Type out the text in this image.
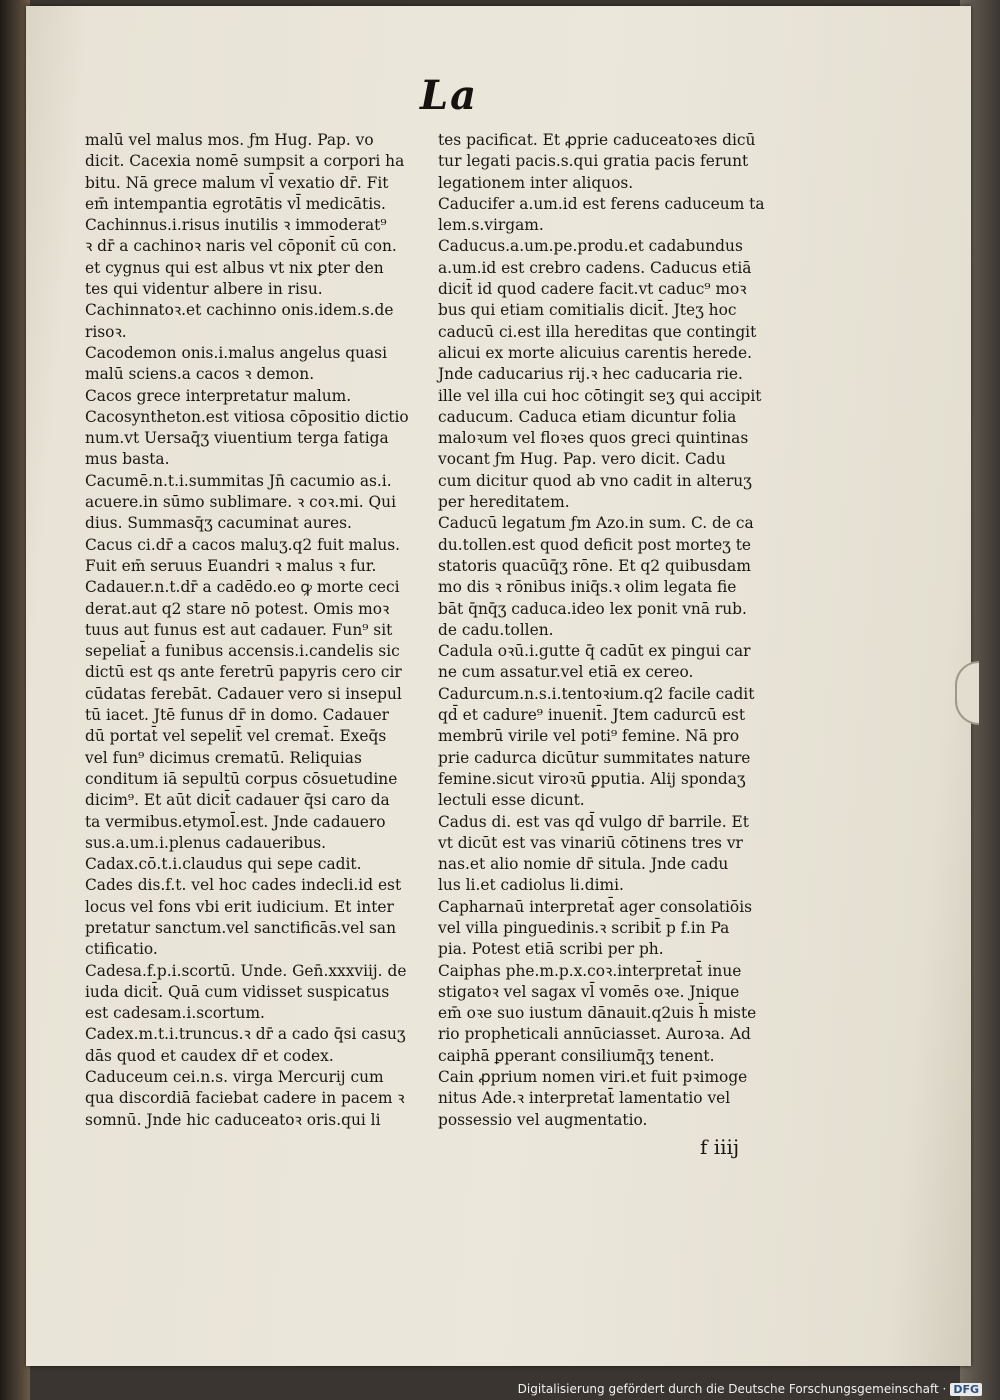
La

malū vel malus mos. ƒm Hug. Pap. vo

dicit. Cacexia nomē sumpsit a corpori ha

bitu. Nā grece malum vl̄ vexatio dr̄. Fit

em̄ intempantia egrotātis vl̄ medicātis.

Cachinnus.i.risus inutilis ꝛ immoderat⁹

ꝛ dr̄ a cachinoꝛ naris vel cōponit̄ cū con.

et cygnus qui est albus vt nix ꝑter den

tes qui videntur albere in risu.

Cachinnatoꝛ.et cachinno onis.idem.s.de

risoꝛ.

Cacodemon onis.i.malus angelus quasi

malū sciens.a cacos ꝛ demon.

Cacos grece interpretatur malum.

Cacosyntheton.est vitiosa cōpositio dictio

num.vt Uersaq̄ʒ viuentium terga fatiga

mus basta.

Cacumē.n.t.i.summitas Jn̄ cacumio as.i.

acuere.in sūmo sublimare. ꝛ coꝛ.mi. Qui

dius. Summasq̄ʒ cacuminat aures.

Cacus ci.dr̄ a cacos maluʒ.q2 fuit malus.

Fuit em̄ seruus Euandri ꝛ malus ꝛ fur.

Cadauer.n.t.dr̄ a cadēdo.eo ꝙ morte ceci

derat.aut q2 stare nō potest. Omis moꝛ

tuus aut funus est aut cadauer. Fun⁹ sit

sepeliat̄ a funibus accensis.i.candelis sic

dictū est qs ante feretrū papyris cero cir

cūdatas ferebāt. Cadauer vero si insepul

tū iacet. Jtē funus dr̄ in domo. Cadauer

dū portat̄ vel sepelit̄ vel cremat̄. Exeq̄s

vel fun⁹ dicimus crematū. Reliquias

conditum iā sepultū corpus cōsuetudine

dicim⁹. Et aūt dicit̄ cadauer q̄si caro da

ta vermibus.etymol̄.est. Jnde cadauero

sus.a.um.i.plenus cadaueribus.

Cadax.cō.t.i.claudus qui sepe cadit.

Cades dis.f.t. vel hoc cades indecli.id est

locus vel fons vbi erit iudicium. Et inter

pretatur sanctum.vel sanctificās.vel san

ctificatio.

Cadesa.f.p.i.scortū. Unde. Gen̄.xxxviij. de

iuda dicit̄. Quā cum vidisset suspicatus

est cadesam.i.scortum.

Cadex.m.t.i.truncus.ꝛ dr̄ a cado q̄si casuʒ

dās quod et caudex dr̄ et codex.

Caduceum cei.n.s. virga Mercurij cum

qua discordiā faciebat cadere in pacem ꝛ

somnū. Jnde hic caduceatoꝛ oris.qui li

tes pacificat. Et ꝓprie caduceatoꝛes dicū

tur legati pacis.s.qui gratia pacis ferunt

legationem inter aliquos.

Caducifer a.um.id est ferens caduceum ta

lem.s.virgam.

Caducus.a.um.pe.produ.et cadabundus

a.um.id est crebro cadens. Caducus etiā

dicit̄ id quod cadere facit.vt caduc⁹ moꝛ

bus qui etiam comitialis dicit̄. Jteʒ hoc

caducū ci.est illa hereditas que contingit

alicui ex morte alicuius carentis herede.

Jnde caducarius rij.ꝛ hec caducaria rie.

ille vel illa cui hoc cōtingit seʒ qui accipit

caducum. Caduca etiam dicuntur folia

maloꝛum vel floꝛes quos greci quintinas

vocant ƒm Hug. Pap. vero dicit. Cadu

cum dicitur quod ab vno cadit in alteruʒ

per hereditatem.

Caducū legatum ƒm Azo.in sum. C. de ca

du.tollen.est quod deficit post morteʒ te

statoris quacūq̄ʒ rōne. Et q2 quibusdam

mo dis ꝛ rōnibus iniq̄s.ꝛ olim legata fie

bāt q̄nq̄ʒ caduca.ideo lex ponit vnā rub.

de cadu.tollen.

Cadula oꝛū.i.gutte q̄ cadūt ex pingui car

ne cum assatur.vel etiā ex cereo.

Cadurcum.n.s.i.tentoꝛium.q2 facile cadit

qd̄ et cadure⁹ inuenit̄. Jtem cadurcū est

membrū virile vel poti⁹ femine. Nā pro

prie cadurca dicūtur summitates nature

femine.sicut viroꝛū ꝑputia. Alij spondaʒ

lectuli esse dicunt.

Cadus di. est vas qd̄ vulgo dr̄ barrile. Et

vt dicūt est vas vinariū cōtinens tres vr

nas.et alio nomie dr̄ situla. Jnde cadu

lus li.et cadiolus li.dimi.

Capharnaū interpretat̄ ager consolatiōis

vel villa pinguedinis.ꝛ scribit̄ p f.in Pa

pia. Potest etiā scribi per ph.

Caiphas phe.m.p.x.coꝛ.interpretat̄ inue

stigatoꝛ vel sagax vl̄ vomēs oꝛe. Jnique

em̄ oꝛe suo iustum dānauit.q2uis h̄ miste

rio propheticali annūciasset. Auroꝛa. Ad

caiphā ꝑperant consiliumq̄ʒ tenent.

Cain ꝓprium nomen viri.et fuit pꝛimoge

nitus Ade.ꝛ interpretat̄ lamentatio vel

possessio vel augmentatio.

f iiij
Digitalisierung gefördert durch die Deutsche Forschungsgemeinschaft · DFG
